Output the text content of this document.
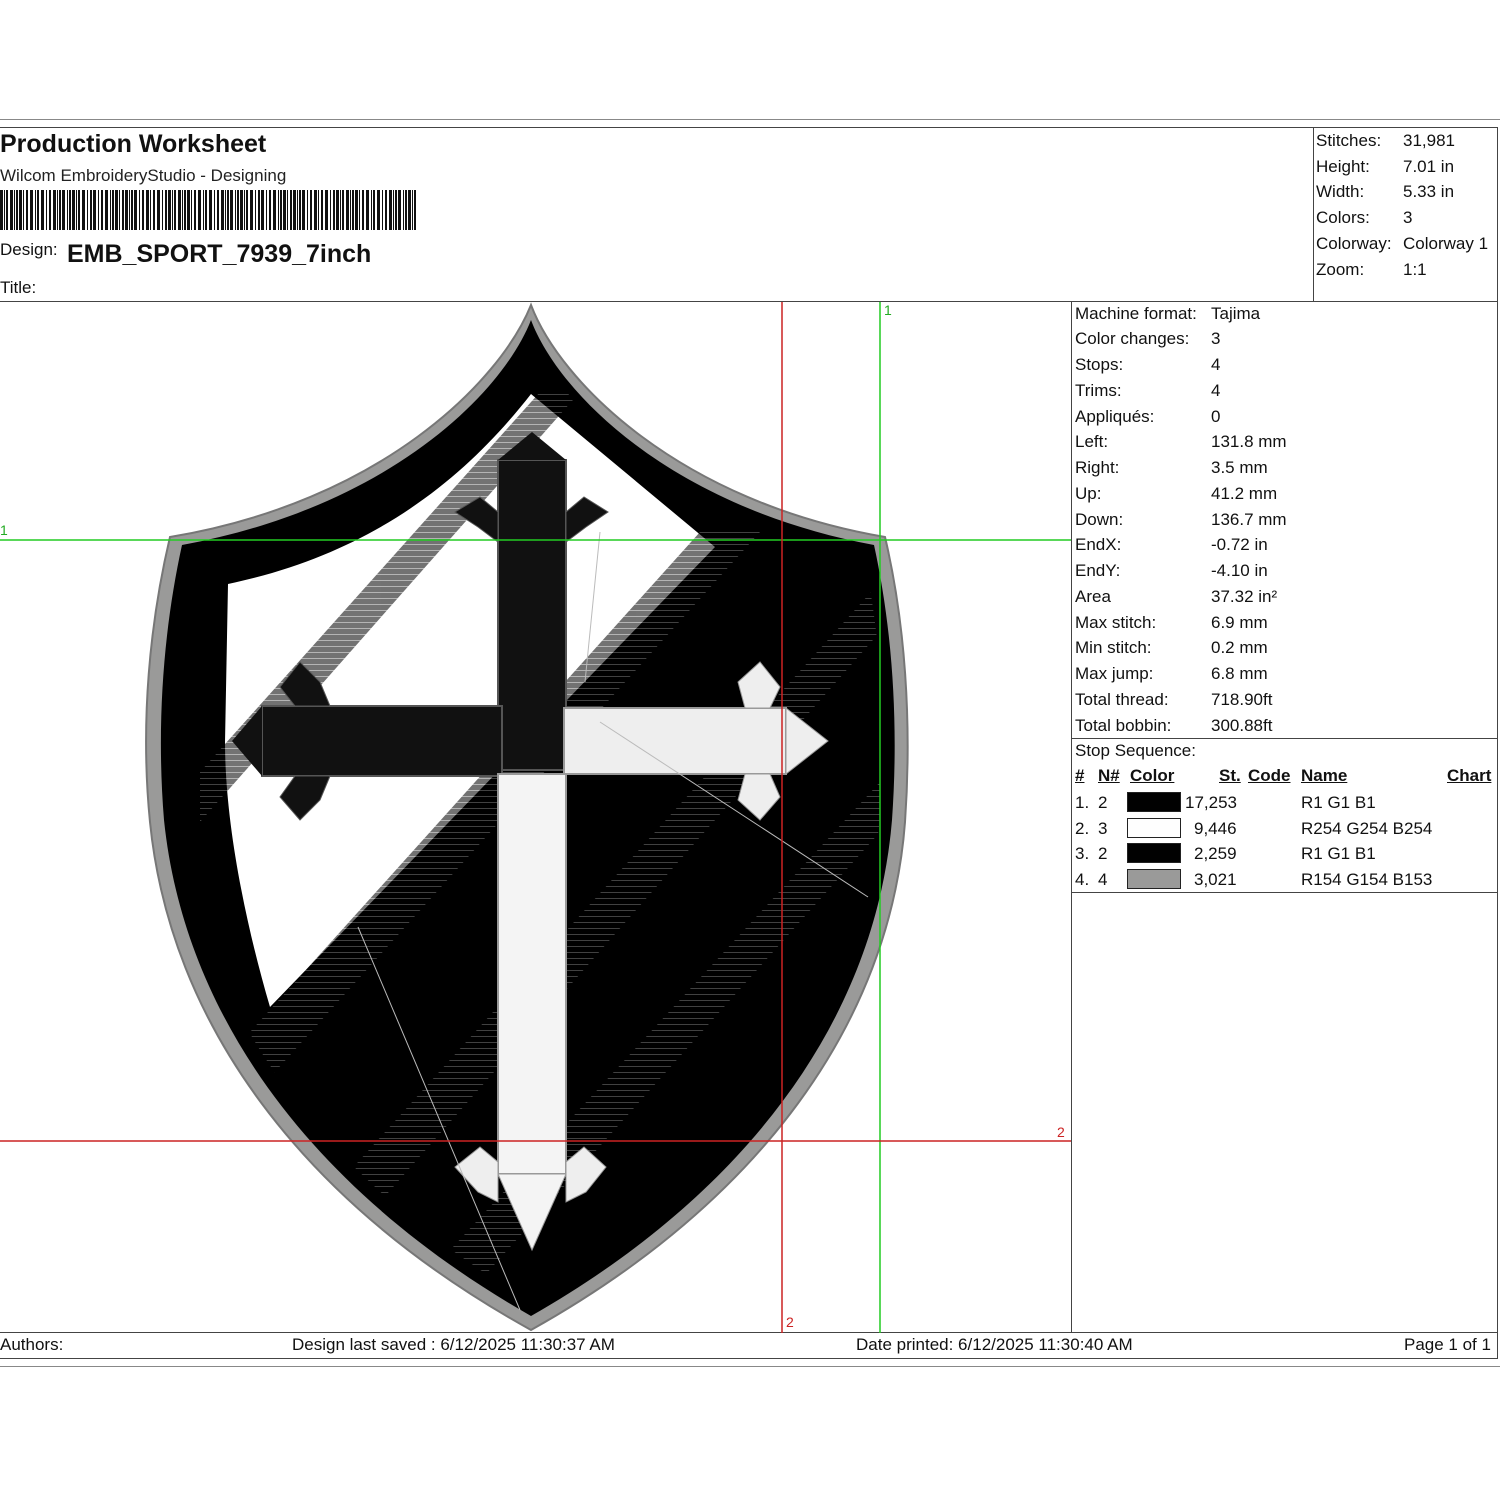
Production Worksheet
Wilcom EmbroideryStudio - Designing
Design: EMB_SPORT_7939_7inch
Title:
Stitches: 31,981
Height: 7.01 in
Width: 5.33 in
Colors: 3
Colorway: Colorway 1
Zoom: 1:1
Machine format: Tajima
Color changes: 3
Stops:	4
Trims:	4
Appliqués:	0
Left:	131.8 mm
Right:	3.5 mm
Up:	41.2 mm
Down:	136.7 mm
EndX:	-0.72 in
EndY:	-4.10 in
Area	37.32 in²
Max stitch:	6.9 mm
Min stitch:	0.2 mm
Max jump:	6.8 mm
Total thread: 718.90ft
Total bobbin: 300.88ft
Stop Sequence:
# N# Color	St. Code Name	Chart
1. 2	17,253	R1 G1 B1
2. 3	9,446	R254 G254 B254
3. 2	2,259	R1 G1 B1
4. 4	3,021	R154 G154 B153
1
1
2
2
Authors:	Design last saved : 6/12/2025 11:30:37 AM	Date printed: 6/12/2025 11:30:40 AM	Page 1 of 1
